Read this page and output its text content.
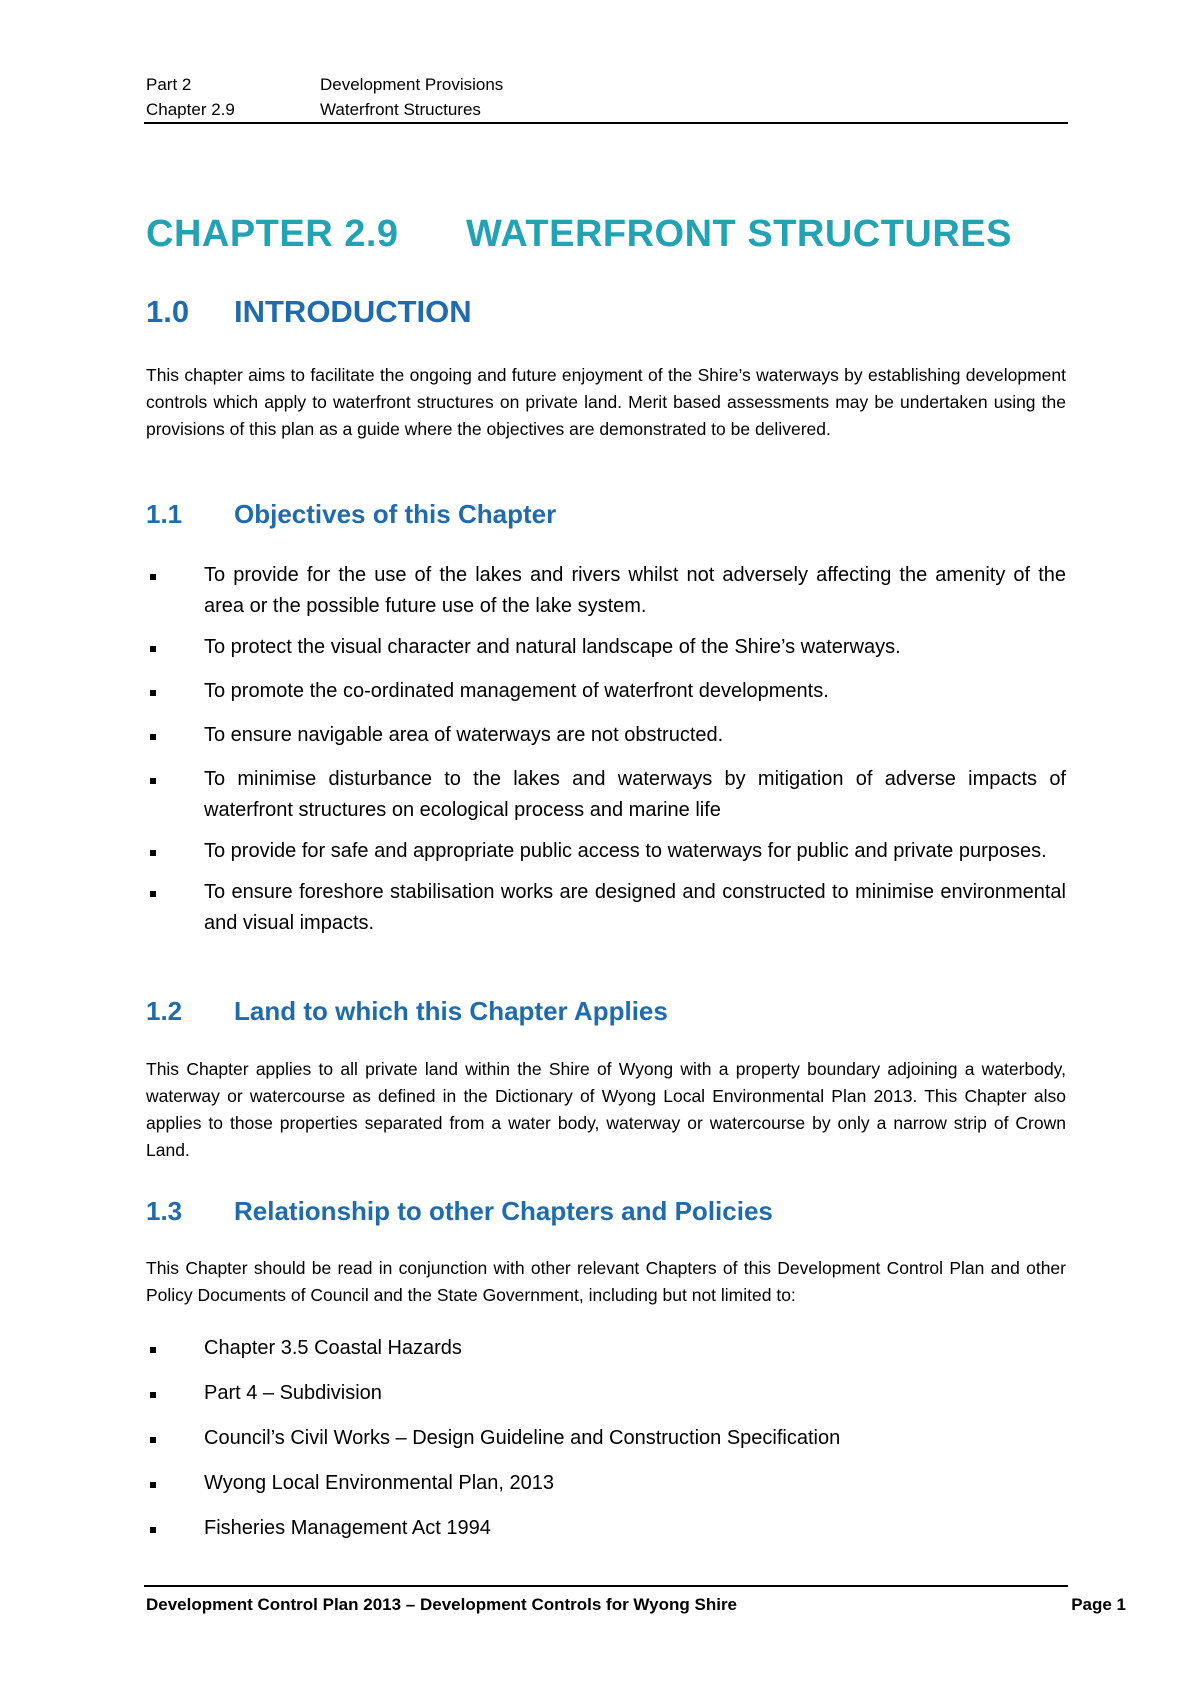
Part 2	Development Provisions
Chapter 2.9	Waterfront Structures
CHAPTER 2.9 WATERFRONT STRUCTURES
1.0 INTRODUCTION

This chapter aims to facilitate the ongoing and future enjoyment of the Shire’s waterways by establishing development controls which apply to waterfront structures on private land. Merit based assessments may be undertaken using the provisions of this plan as a guide where the objectives are demonstrated to be delivered.

1.1 Objectives of this Chapter
To provide for the use of the lakes and rivers whilst not adversely affecting the amenity of the area or the possible future use of the lake system.
To protect the visual character and natural landscape of the Shire’s waterways.
To promote the co-ordinated management of waterfront developments.
To ensure navigable area of waterways are not obstructed.
To minimise disturbance to the lakes and waterways by mitigation of adverse impacts of waterfront structures on ecological process and marine life
To provide for safe and appropriate public access to waterways for public and private purposes.
To ensure foreshore stabilisation works are designed and constructed to minimise environmental and visual impacts.
1.2 Land to which this Chapter Applies

This Chapter applies to all private land within the Shire of Wyong with a property boundary adjoining a waterbody, waterway or watercourse as defined in the Dictionary of Wyong Local Environmental Plan 2013. This Chapter also applies to those properties separated from a water body, waterway or watercourse by only a narrow strip of Crown Land.

1.3 Relationship to other Chapters and Policies

This Chapter should be read in conjunction with other relevant Chapters of this Development Control Plan and other Policy Documents of Council and the State Government, including but not limited to:

Chapter 3.5 Coastal Hazards
Part 4 – Subdivision
Council’s Civil Works – Design Guideline and Construction Specification
Wyong Local Environmental Plan, 2013
Fisheries Management Act 1994
Development Control Plan 2013 – Development Controls for Wyong Shire	Page 1
